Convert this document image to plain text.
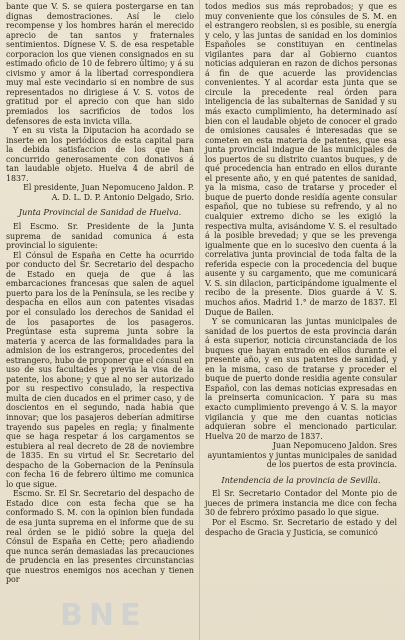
bante que V. S. se quiera postergarse en tan dignas demostraciones. Así le cielo recompense y los hombres harán el merecido aprecio de tan santos y fraternales sentimientos. Dígnese V. S. de esa respetable corporacion los que vienen consignados en su estimado oficio de 10 de febrero último; y á su civismo y amor á la libertad correspondiera muy mal este vecindario si en nombre de sus representados no dirigiese á V. S. votos de gratitud por el aprecio con que han sido premiados los sacrificios de todos los defensores de esta invicta villa.

Y en su vista la Diputacion ha acordado se inserte en los periódicos de esta capital para la debida satisfaccion de los que han concurrido generosamente con donativos á tan laudable objeto. Huelva 4 de abril de 1837.

El presidente, Juan Nepomuceno Jaldon. P. A. D. L. D. P. Antonio Delgado, Srio.

Junta Provincial de Sanidad de Huelva.

El Escmo. Sr. Presidente de la Junta suprema de sanidad comunica á esta provincial lo siguiente:

El Cónsul de España en Cette ha ocurrido por conducto del Sr. Secretario del despacho de Estado en queja de que á las embarcaciones francesas que salen de aquel puerto para los de la Península, se les recibe y despacha en ellos aun con patentes visadas por el consulado los derechos de Sanidad el de los pasaportes de los pasageros. Pregúntase esta suprema junta sobre la materia y acerca de las formalidades para la admision de los estrangeros, procedentes del estrangero, hubo de proponer que el cónsul en uso de sus facultades y previa la visa de la patente, los abone; y que al no ser autorizado por su respectivo consulado, la respectiva multa de cien ducados en el primer caso, y de doscientos en el segundo, nada habia que innovar; que los pasajeros deberían admitirse trayendo sus papeles en regla; y finalmente que se haga respetar á los cargamentos se estubiera al real decreto de 28 de noviembre de 1835. En su virtud el Sr. Secretario del despacho de la Gobernacion de la Península con fecha 16 de febrero último me comunica lo que sigue.

Escmo. Sr. El Sr. Secretario del despacho de Estado dice con esta fecha que se ha conformado S. M. con la opinion bien fundada de esa junta suprema en el informe que de su real órden se le pidió sobre la queja del Cónsul de España en Cette; pero añadiendo que nunca serán demasiadas las precauciones de prudencia en las presentes circunstancias que nuestros enemigos nos acechan y tienen por

todos medios sus más reprobados; y que es muy conveniente que los cónsules de S. M. en el estrangero reobslen, si es posible, su energía y celo, y las juntas de sanidad en los dominios Españoles se constituyan en centinelas vigilantes para dar al Gobierno cuantos noticias adquieran en razon de dichos personas á fin de que acuerde las providencias convenientes. Y al acordar esta junta que se circule la precedente real órden para inteligencia de las subalternas de Sanidad y su más exacto cumplimiento, ha determinado así bien con el laudable objeto de conocer el grado de omisiones causales é interesadas que se cometen en esta materia de patentes, que esa junta provincial indague de las municipales de los puertos de su distrito cuantos buques, y de qué procedencia han entrado en ellos durante el presente año, y en qué patentes de sanidad, ya la misma, caso de tratarse y proceder el buque de puerto donde residía agente consular español, que no tubiese su refrendo, y al no cualquier extremo dicho se les exigió la respectiva multa, avisándome V. S. el resultado á la posible brevedad; y que se les prevenga igualmente que en lo sucesivo den cuenta á la correlativa junta provincial de toda falta de la referida especie con la procedencia del buque ausente y su cargamento, que me comunicará V. S. sin dilacion, participándome igualmente el recibo de la presente. Dios guarde á V. S. muchos años. Madrid 1.° de marzo de 1837. El Duque de Bailen.

Y se comunicaran las juntas municipales de sanidad de los puertos de esta provincia darán á esta superior, noticia circunstanciada de los buques que hayan entrado en ellos durante el presente año, y en sus patentes de sanidad, y en la misma, caso de tratarse y proceder el buque de puerto donde residia agente consular Español, con las demas noticias expresadas en la preinserta comunicacion. Y para su mas exacto cumplimiento prevengo á V. S. la mayor vigilancia y que me den cuantas noticias adquieran sobre el mencionado particular. Huelva 20 de marzo de 1837.

Juan Nepomuceno Jaldon. Sres ayuntamientos y juntas municipales de sanidad de los puertos de esta provincia.

Intendencia de la provincia de Sevilla.

El Sr. Secretario Contador del Monte pio de jueces de primera instancia me dice con fecha 30 de febrero próximo pasado lo que sigue.

Por el Escmo. Sr. Secretario de estado y del despacho de Gracia y Justicia, se comunicó

BNE
